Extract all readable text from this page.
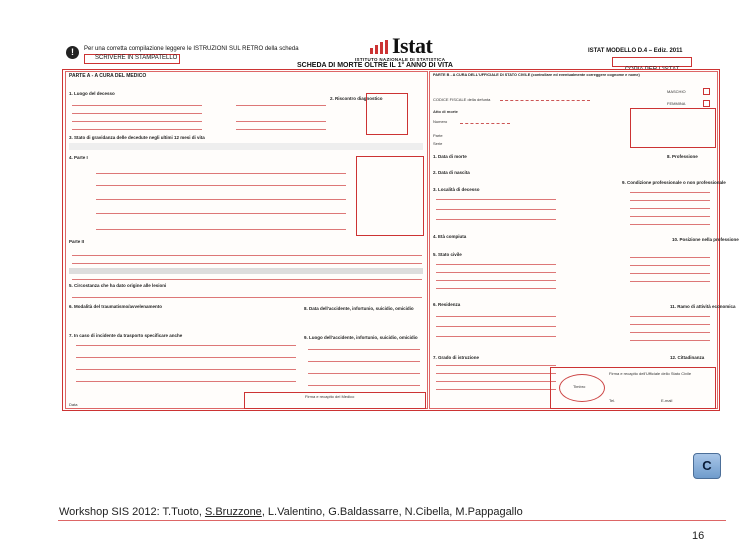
!	Per una corretta compilazione leggere le ISTRUZIONI SUL RETRO della scheda
SCRIVERE IN STAMPATELLO	Istat
ISTITUTO NAZIONALE DI STATISTICA
ISTAT MODELLO D.4 – Ediz. 2011
SCHEDA DI MORTE OLTRE IL 1° ANNO DI VITA
PARTE A - A CURA DEL MEDICO
1. Luogo del decesso
2. Riscontro diagnostico
3. Stato di gravidanza delle decedute negli ultimi 12 mesi di vita
4. Parte I
Parte II
5. Circostanza che ha dato origine alle lesioni
6. Modalità del traumatismo/avvelenamento
7. In caso di incidente da trasporto specificare anche
8. Data dell'accidente, infortunio, suicidio, omicidio
9. Luogo dell'accidente, infortunio, suicidio, omicidio
Firma e recapito del Medico
Data
PARTE B - A CURA DELL'UFFICIALE DI STATO CIVILE (controllare ed eventualmente correggere cognome e nome)
MASCHIO
CODICE FISCALE della defunta
FEMMINA
Atto di morte
Numero
Parte
Serie
1. Data di morte	8. Professione
2. Data di nascita
9. Condizione professionale o non professionale
3. Località di decesso
4. Età compiuta
10. Posizione nella professione
5. Stato civile
6. Residenza	11. Ramo di attività economica
7. Grado di istruzione	12. Cittadinanza
Firma e recapito dell'Ufficiale dello Stato Civile
Timbro
Tel.	E-mail
C
Workshop SIS 2012: T.Tuoto, S.Bruzzone, L.Valentino, G.Baldassarre, N.Cibella, M.Pappagallo
16
